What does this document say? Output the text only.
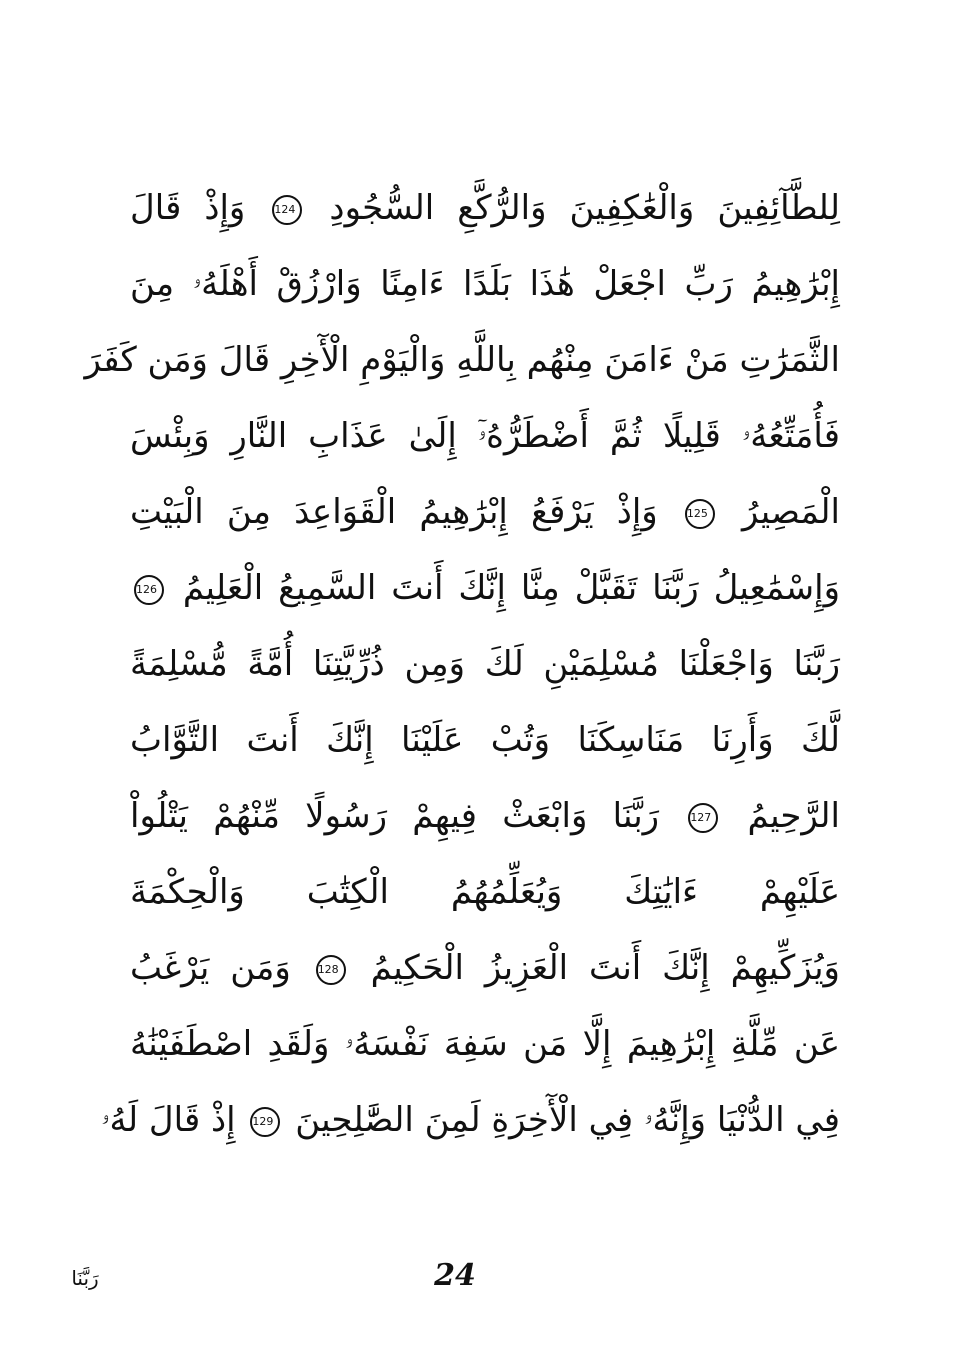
لِلطَّآئِفِينَ وَالْعَٰكِفِينَ وَالرُّكَّعِ السُّجُودِ 124 وَإِذْ قَالَ
إِبْرَٰهِيمُ رَبِّ اجْعَلْ هَٰذَا بَلَدًا ءَامِنًا وَارْزُقْ أَهْلَهُۥ مِنَ
الثَّمَرَٰتِ مَنْ ءَامَنَ مِنْهُم بِاللَّهِ وَالْيَوْمِ الْأٓخِرِ قَالَ وَمَن كَفَرَ
فَأُمَتِّعُهُۥ قَلِيلًا ثُمَّ أَضْطَرُّهُۥٓ إِلَىٰ عَذَابِ النَّارِ وَبِئْسَ
الْمَصِيرُ 125 وَإِذْ يَرْفَعُ إِبْرَٰهِيمُ الْقَوَاعِدَ مِنَ الْبَيْتِ
وَإِسْمَٰعِيلُ رَبَّنَا تَقَبَّلْ مِنَّا إِنَّكَ أَنتَ السَّمِيعُ الْعَلِيمُ 126
رَبَّنَا وَاجْعَلْنَا مُسْلِمَيْنِ لَكَ وَمِن ذُرِّيَّتِنَا أُمَّةً مُّسْلِمَةً
لَّكَ وَأَرِنَا مَنَاسِكَنَا وَتُبْ عَلَيْنَا إِنَّكَ أَنتَ التَّوَّابُ
الرَّحِيمُ 127 رَبَّنَا وَابْعَثْ فِيهِمْ رَسُولًا مِّنْهُمْ يَتْلُواْ
عَلَيْهِمْ ءَايَٰتِكَ وَيُعَلِّمُهُمُ الْكِتَٰبَ وَالْحِكْمَةَ
وَيُزَكِّيهِمْ إِنَّكَ أَنتَ الْعَزِيزُ الْحَكِيمُ 128 وَمَن يَرْغَبُ
عَن مِّلَّةِ إِبْرَٰهِيمَ إِلَّا مَن سَفِهَ نَفْسَهُۥ وَلَقَدِ اصْطَفَيْنَٰهُ
فِي الدُّنْيَا وَإِنَّهُۥ فِي الْأٓخِرَةِ لَمِنَ الصَّٰلِحِينَ 129 إِذْ قَالَ لَهُۥ
24
رَبَّنَا
